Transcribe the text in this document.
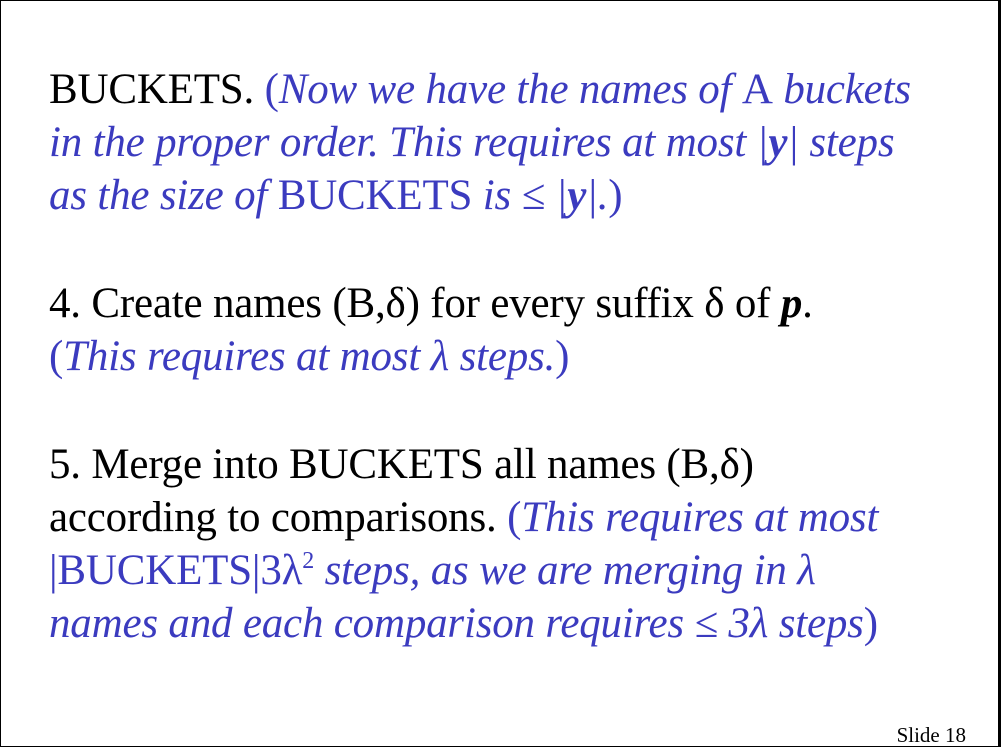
BUCKETS. (Now we have the names of A buckets
in the proper order. This requires at most |y| steps
as the size of BUCKETS is ≤ |y|.)
4. Create names (B,δ) for every suffix δ of p.
(This requires at most λ steps.)
5. Merge into BUCKETS all names (B,δ)
according to comparisons. (This requires at most
$|BUCKETS|3\lambda^2$ steps, as we are merging in λ
names and each comparison requires ≤ 3λ steps)
Slide 18
